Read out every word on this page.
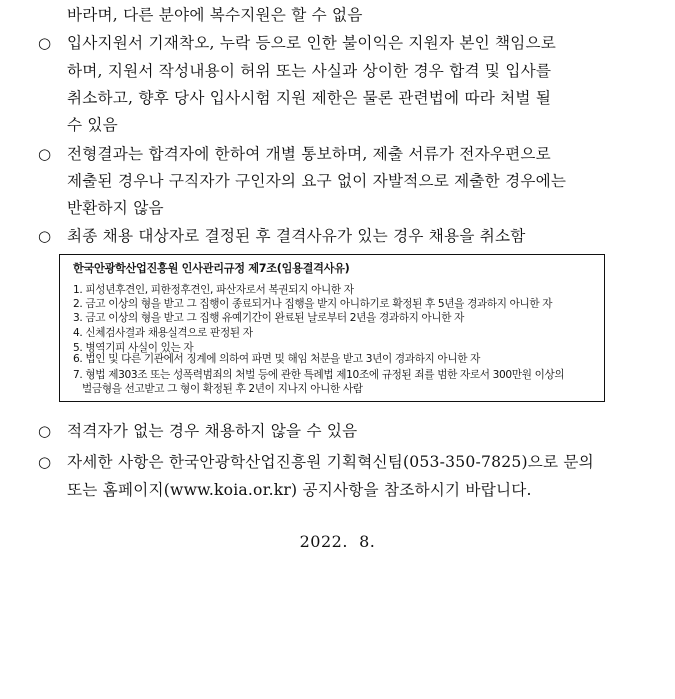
바라며, 다른 분야에 복수지원은 할 수 없음
○ 입사지원서 기재착오, 누락 등으로 인한 불이익은 지원자 본인 책임으로
하며, 지원서 작성내용이 허위 또는 사실과 상이한 경우 합격 및 입사를
취소하고, 향후 당사 입사시험 지원 제한은 물론 관련법에 따라 처벌 될
수 있음
○ 전형결과는 합격자에 한하여 개별 통보하며, 제출 서류가 전자우편으로
제출된 경우나 구직자가 구인자의 요구 없이 자발적으로 제출한 경우에는
반환하지 않음
○ 최종 채용 대상자로 결정된 후 결격사유가 있는 경우 채용을 취소함
한국안광학산업진흥원 인사관리규정 제7조(임용결격사유)
1. 피성년후견인, 피한정후견인, 파산자로서 복권되지 아니한 자
2. 금고 이상의 형을 받고 그 집행이 종료되거나 집행을 받지 아니하기로 확정된 후 5년을 경과하지 아니한 자
3. 금고 이상의 형을 받고 그 집행 유예기간이 완료된 날로부터 2년을 경과하지 아니한 자
4. 신체검사결과 채용실격으로 판정된 자
5. 병역기피 사실이 있는 자
6. 법인 및 다른 기관에서 징계에 의하여 파면 및 해임 처분을 받고 3년이 경과하지 아니한 자
7. 형법 제303조 또는 성폭력범죄의 처벌 등에 관한 특례법 제10조에 규정된 죄를 범한 자로서 300만원 이상의
벌금형을 선고받고 그 형이 확정된 후 2년이 지나지 아니한 사람
○ 적격자가 없는 경우 채용하지 않을 수 있음
○ 자세한 사항은 한국안광학산업진흥원 기획혁신팀(053-350-7825)으로 문의
또는 홈페이지(www.koia.or.kr) 공지사항을 참조하시기 바랍니다.
2022.  8.
